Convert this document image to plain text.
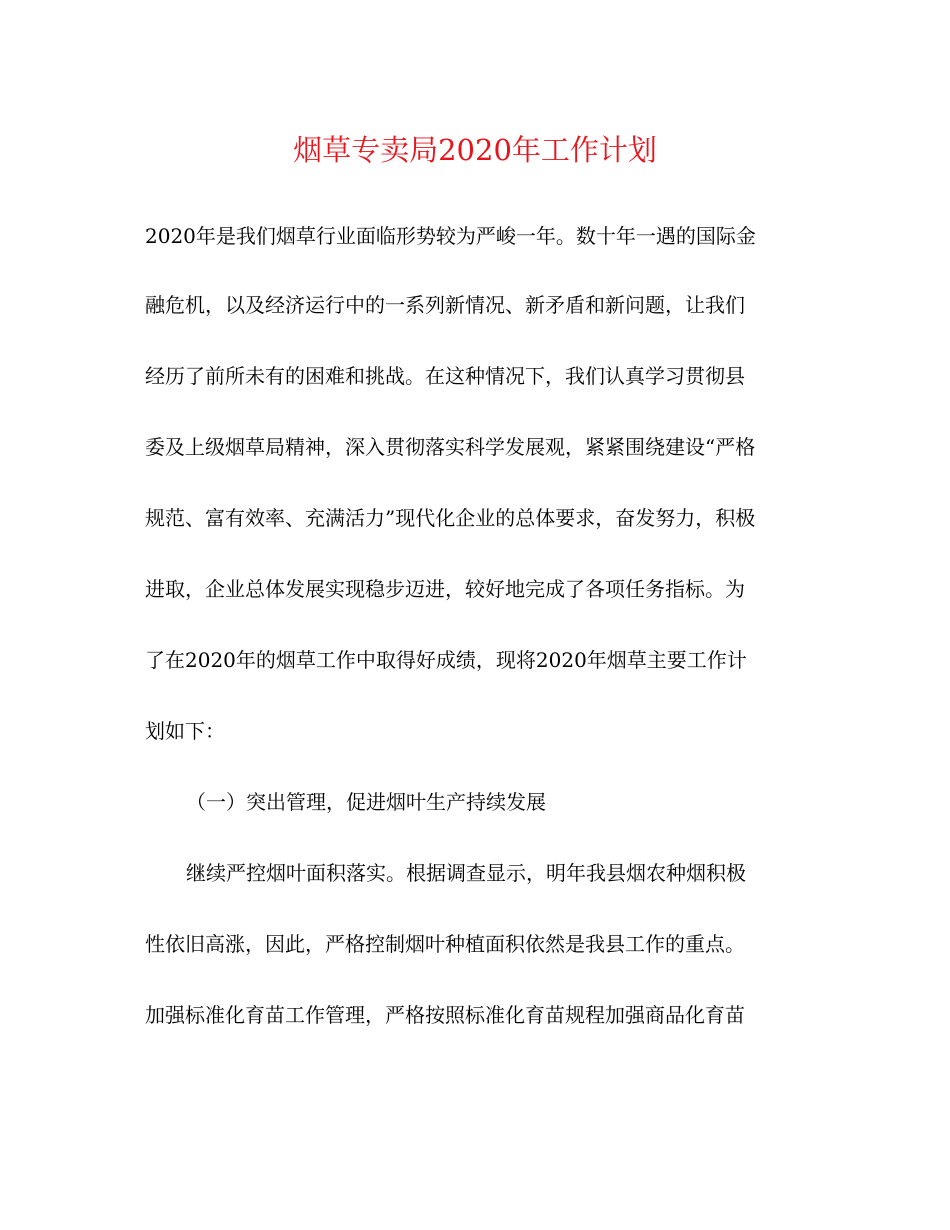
烟草专卖局2020年工作计划

2020年是我们烟草行业面临形势较为严峻一年。数十年一遇的国际金

融危机，以及经济运行中的一系列新情况、新矛盾和新问题，让我们

经历了前所未有的困难和挑战。在这种情况下，我们认真学习贯彻县

委及上级烟草局精神，深入贯彻落实科学发展观，紧紧围绕建设“严格

规范、富有效率、充满活力”现代化企业的总体要求，奋发努力，积极

进取，企业总体发展实现稳步迈进，较好地完成了各项任务指标。为

了在2020年的烟草工作中取得好成绩，现将2020年烟草主要工作计

划如下：

（一）突出管理，促进烟叶生产持续发展

继续严控烟叶面积落实。根据调查显示，明年我县烟农种烟积极

性依旧高涨，因此，严格控制烟叶种植面积依然是我县工作的重点。

加强标准化育苗工作管理，严格按照标准化育苗规程加强商品化育苗
